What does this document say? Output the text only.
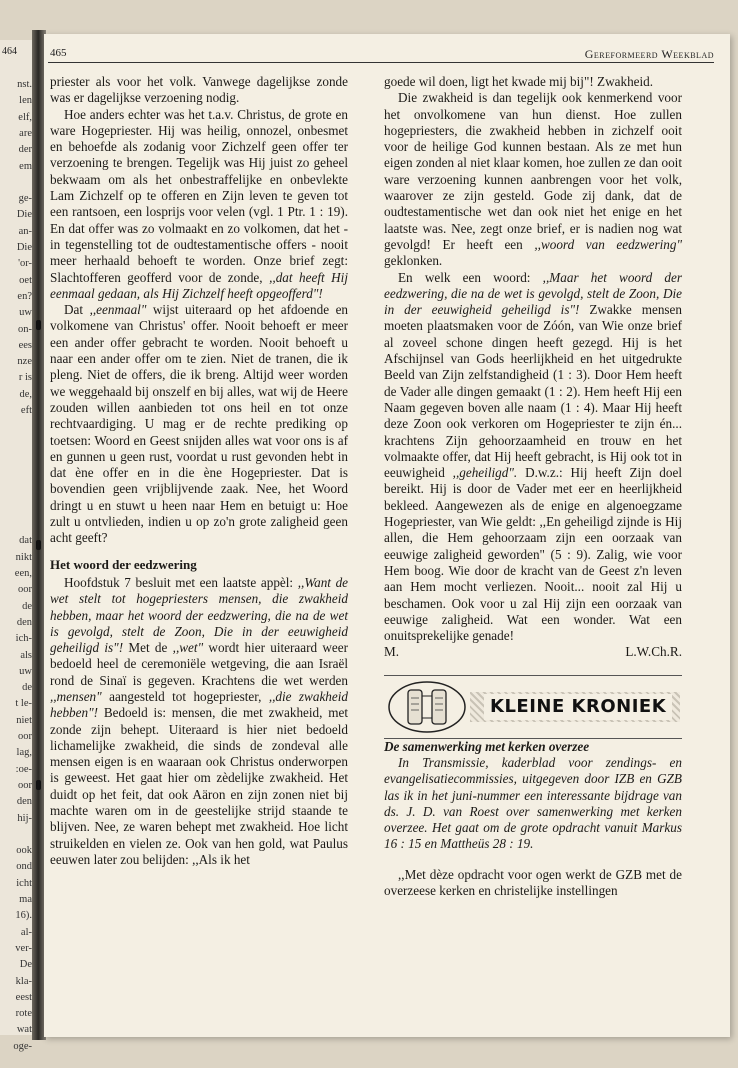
464
nst.
len
elf,
are
der
em
ge-
Die
an-
Die
'or-
oet
en?
uw
on-
ees
nze
r is
de,
eft
dat
nikt
een,
oor
de
den
ich-
als
uw
de
t le-
niet
oor
lag,
:oe-
oor
den
hij-
ook
ond
icht
ma
16).
al-
ver-
De
kla-
eest
rote
wat
oge-
465	Gereformeerd Weekblad

priester als voor het volk. Vanwege dagelijkse zonde was er dagelijkse verzoening nodig.

Hoe anders echter was het t.a.v. Christus, de grote en ware Hogepriester. Hij was heilig, onnozel, onbesmet en behoefde als zodanig voor Zichzelf geen offer ter verzoening te brengen. Tegelijk was Hij juist zo geheel bekwaam om als het onbestraffelijke en onbevlekte Lam Zichzelf op te offeren en Zijn leven te geven tot een rantsoen, een losprijs voor velen (vgl. 1 Ptr. 1 : 19). En dat offer was zo volmaakt en zo volkomen, dat het - in tegenstelling tot de oudtestamentische offers - nooit meer herhaald behoeft te worden. Onze brief zegt: Slachtofferen geofferd voor de zonde, ,,dat heeft Hij eenmaal gedaan, als Hij Zichzelf heeft opgeofferd"!

Dat ,,eenmaal" wijst uiteraard op het afdoende en volkomene van Christus' offer. Nooit behoeft er meer een ander offer gebracht te worden. Nooit behoeft u naar een ander offer om te zien. Niet de tranen, die ik pleng. Niet de offers, die ik breng. Altijd weer worden we weggehaald bij onszelf en bij alles, wat wij de Heere zouden willen aanbieden tot ons heil en tot onze rechtvaardiging. U mag er de rechte prediking op toetsen: Woord en Geest snijden alles wat voor ons is af en gunnen u geen rust, voordat u rust gevonden hebt in dat ène offer en in die ène Hogepriester. Dat is bovendien geen vrijblijvende zaak. Nee, het Woord dringt u en stuwt u heen naar Hem en betuigt u: Hoe zult u ontvlieden, indien u op zo'n grote zaligheid geen acht geeft?

Het woord der eedzwering

Hoofdstuk 7 besluit met een laatste appèl: ,,Want de wet stelt tot hogepriesters mensen, die zwakheid hebben, maar het woord der eedzwering, die na de wet is gevolgd, stelt de Zoon, Die in der eeuwigheid geheiligd is"! Met de ,,wet" wordt hier uiteraard weer bedoeld heel de ceremoniële wetgeving, die aan Israël rond de Sinaï is gegeven. Krachtens die wet werden ,,mensen" aangesteld tot hogepriester, ,,die zwakheid hebben"! Bedoeld is: mensen, die met zwakheid, met zonde zijn behept. Uiteraard is hier niet bedoeld lichamelijke zwakheid, die sinds de zondeval alle mensen eigen is en waaraan ook Christus onderworpen is geweest. Het gaat hier om zèdelijke zwakheid. Het duidt op het feit, dat ook Aäron en zijn zonen niet bij machte waren om in de geestelijke strijd staande te blijven. Nee, ze waren behept met zwakheid. Hoe licht struikelden en vielen ze. Ook van hen gold, wat Paulus eeuwen later zou belijden: ,,Als ik het

goede wil doen, ligt het kwade mij bij"! Zwakheid.

Die zwakheid is dan tegelijk ook kenmerkend voor het onvolkomene van hun dienst. Hoe zullen hogepriesters, die zwakheid hebben in zichzelf ooit voor de heilige God kunnen bestaan. Als ze met hun eigen zonden al niet klaar komen, hoe zullen ze dan ooit ware verzoening kunnen aanbrengen voor het volk, waarover ze zijn gesteld. Gode zij dank, dat de oudtestamentische wet dan ook niet het enige en het laatste was. Nee, zegt onze brief, er is nadien nog wat gevolgd! Er heeft een ,,woord van eedzwering" geklonken.

En welk een woord: ,,Maar het woord der eedzwering, die na de wet is gevolgd, stelt de Zoon, Die in der eeuwigheid geheiligd is"! Zwakke mensen moeten plaatsmaken voor de Zóón, van Wie onze brief al zoveel schone dingen heeft gezegd. Hij is het Afschijnsel van Gods heerlijkheid en het uitgedrukte Beeld van Zijn zelfstandigheid (1 : 3). Door Hem heeft de Vader alle dingen gemaakt (1 : 2). Hem heeft Hij een Naam gegeven boven alle naam (1 : 4). Maar Hij heeft deze Zoon ook verkoren om Hogepriester te zijn én... krachtens Zijn gehoorzaamheid en trouw en het volmaakte offer, dat Hij heeft gebracht, is Hij ook tot in eeuwigheid ,,geheiligd". D.w.z.: Hij heeft Zijn doel bereikt. Hij is door de Vader met eer en heerlijkheid bekleed. Aangewezen als de enige en algenoegzame Hogepriester, van Wie geldt: ,,En geheiligd zijnde is Hij allen, die Hem gehoorzaam zijn een oorzaak van eeuwige zaligheid geworden" (5 : 9). Zalig, wie voor Hem boog. Wie door de kracht van de Geest z'n leven aan Hem mocht verliezen. Nooit... nooit zal Hij u beschamen. Ook voor u zal Hij zijn een oorzaak van eeuwige zaligheid. Wat een wonder. Wat een onuitsprekelijke genade!

M.	L.W.Ch.R.
KLEINE KRONIEK

De samenwerking met kerken overzee

In Transmissie, kaderblad voor zendings- en evangelisatiecommissies, uitgegeven door IZB en GZB las ik in het juni-nummer een interessante bijdrage van ds. J. D. van Roest over samenwerking met kerken overzee. Het gaat om de grote opdracht vanuit Markus 16 : 15 en Mattheüs 28 : 19.

,,Met dèze opdracht voor ogen werkt de GZB met de overzeese kerken en christelijke instellingen
